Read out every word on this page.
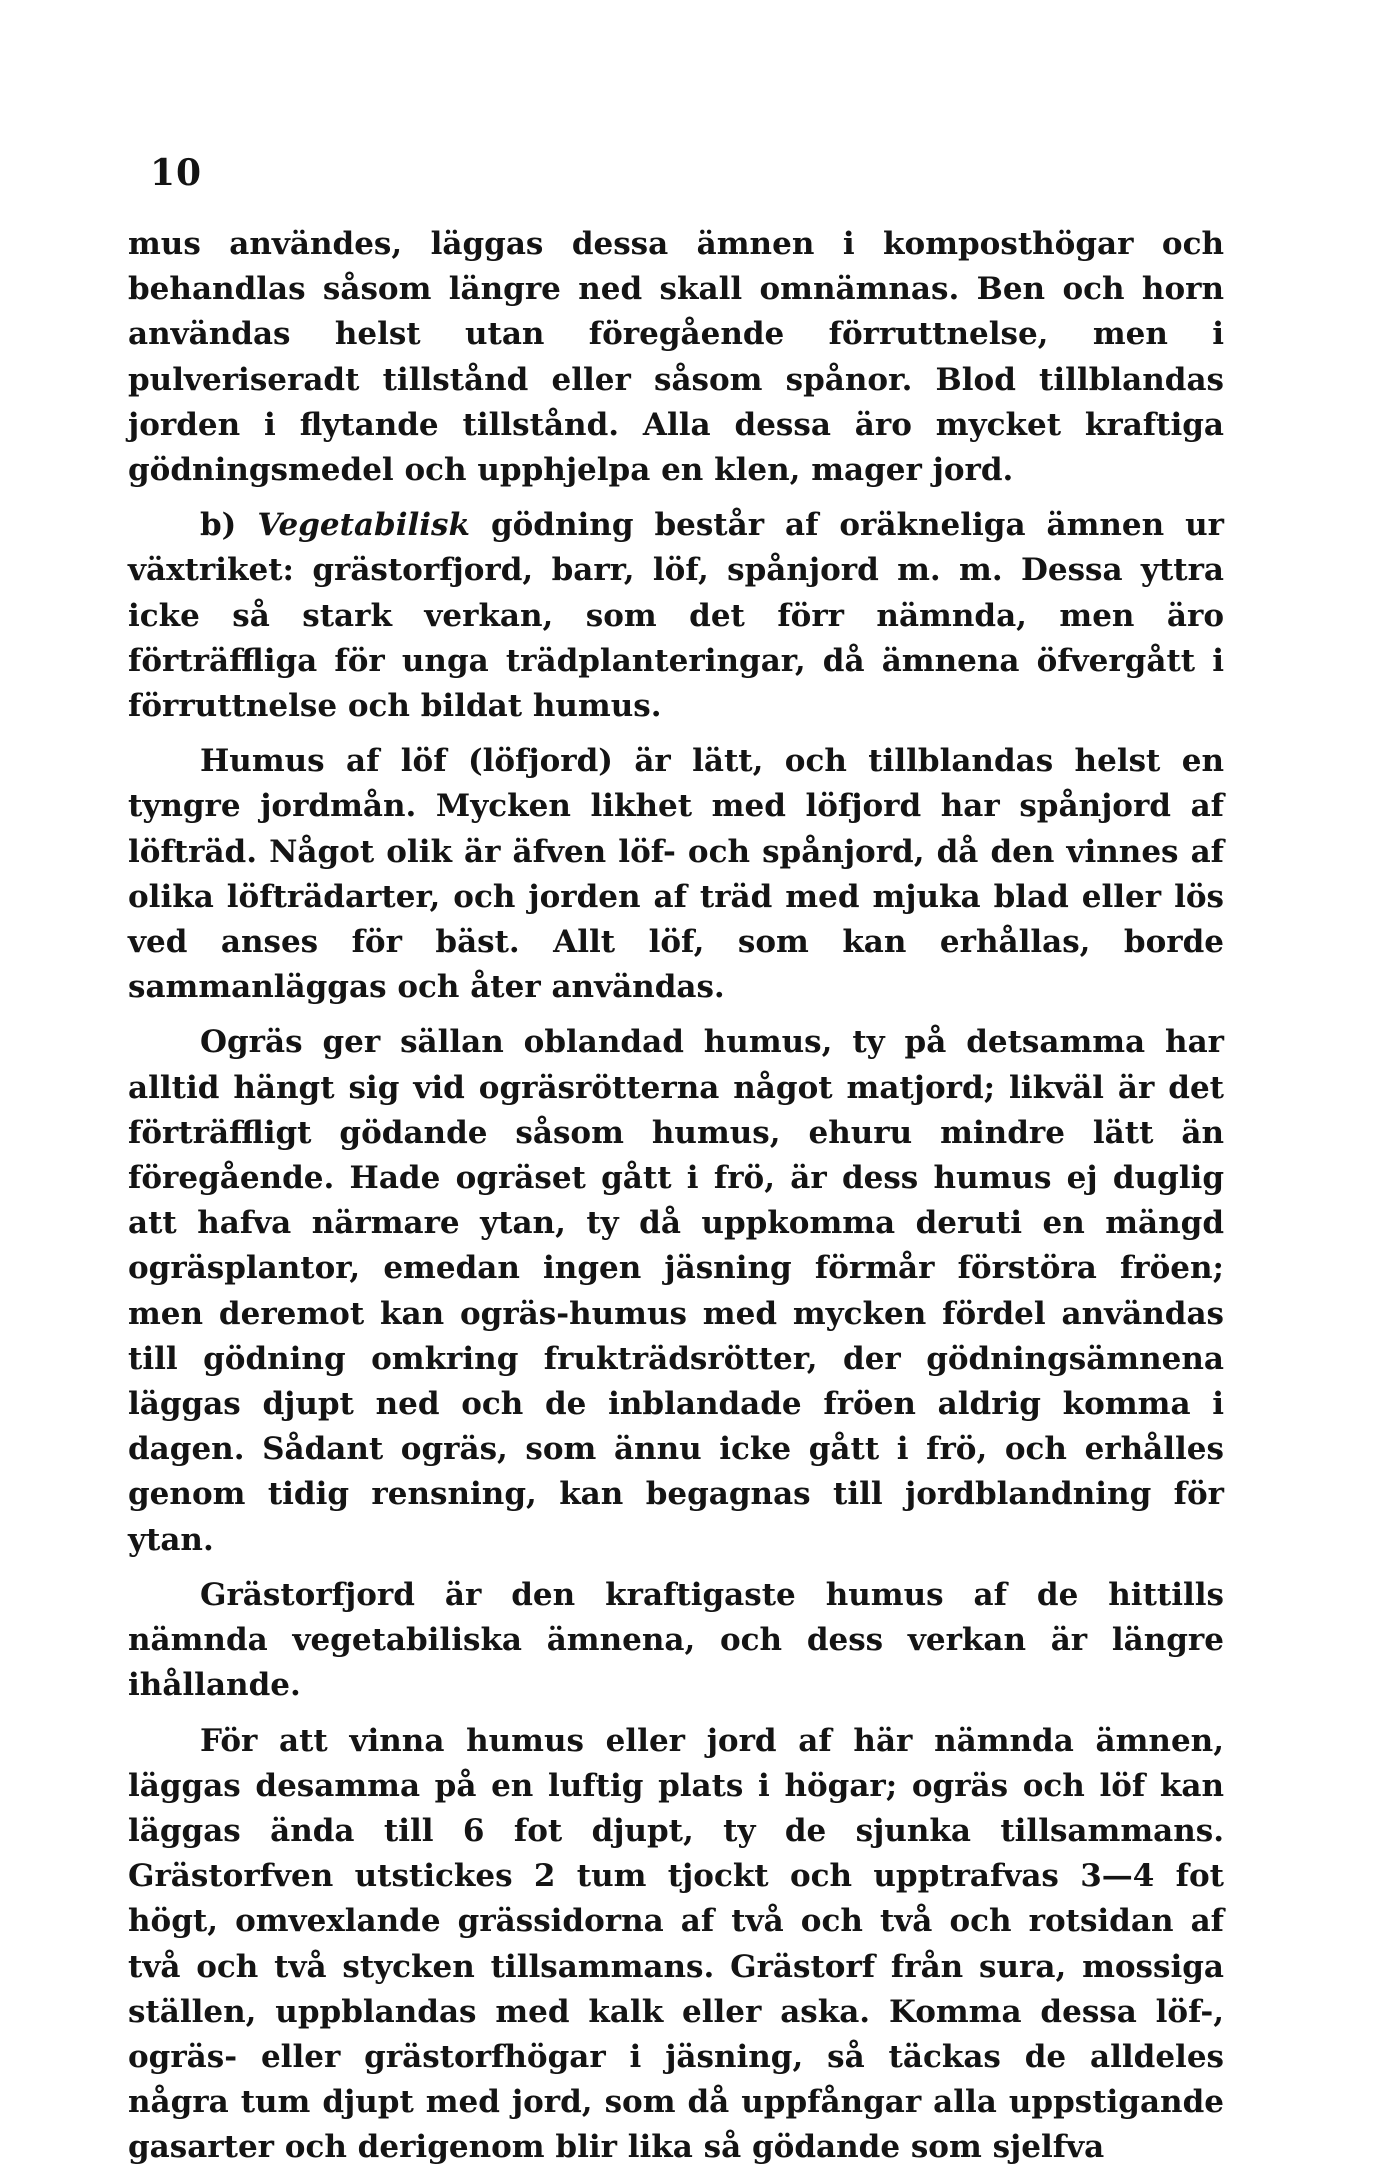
10

mus användes, läggas dessa ämnen i komposthögar och behandlas såsom längre ned skall omnämnas. Ben och horn användas helst utan föregående förruttnelse, men i pulveriseradt tillstånd eller såsom spånor. Blod tillblandas jorden i flytande tillstånd. Alla dessa äro mycket kraftiga gödningsmedel och upphjelpa en klen, mager jord.

b) Vegetabilisk gödning består af oräkneliga ämnen ur växtriket: grästorfjord, barr, löf, spånjord m. m. Dessa yttra icke så stark verkan, som det förr nämnda, men äro förträffliga för unga trädplanteringar, då ämnena öfvergått i förruttnelse och bildat humus.

Humus af löf (löfjord) är lätt, och tillblandas helst en tyngre jordmån. Mycken likhet med löfjord har spånjord af löfträd. Något olik är äfven löf- och spånjord, då den vinnes af olika löfträdarter, och jorden af träd med mjuka blad eller lös ved anses för bäst. Allt löf, som kan erhållas, borde sammanläggas och åter användas.

Ogräs ger sällan oblandad humus, ty på detsamma har alltid hängt sig vid ogräsrötterna något matjord; likväl är det förträffligt gödande såsom humus, ehuru mindre lätt än föregående. Hade ogräset gått i frö, är dess humus ej duglig att hafva närmare ytan, ty då uppkomma deruti en mängd ogräsplantor, emedan ingen jäsning förmår förstöra fröen; men deremot kan ogräs-humus med mycken fördel användas till gödning omkring frukträdsrötter, der gödningsämnena läggas djupt ned och de inblandade fröen aldrig komma i dagen. Sådant ogräs, som ännu icke gått i frö, och erhålles genom tidig rensning, kan begagnas till jordblandning för ytan.

Grästorfjord är den kraftigaste humus af de hittills nämnda vegetabiliska ämnena, och dess verkan är längre ihållande.

För att vinna humus eller jord af här nämnda ämnen, läggas desamma på en luftig plats i högar; ogräs och löf kan läggas ända till 6 fot djupt, ty de sjunka tillsammans. Grästorfven utstickes 2 tum tjockt och upptrafvas 3—4 fot högt, omvexlande grässidorna af två och två och rotsidan af två och två stycken tillsammans. Grästorf från sura, mossiga ställen, uppblandas med kalk eller aska. Komma dessa löf-, ogräs- eller grästorfhögar i jäsning, så täckas de alldeles några tum djupt med jord, som då uppfångar alla uppstigande gasarter och derigenom blir lika så gödande som sjelfva
